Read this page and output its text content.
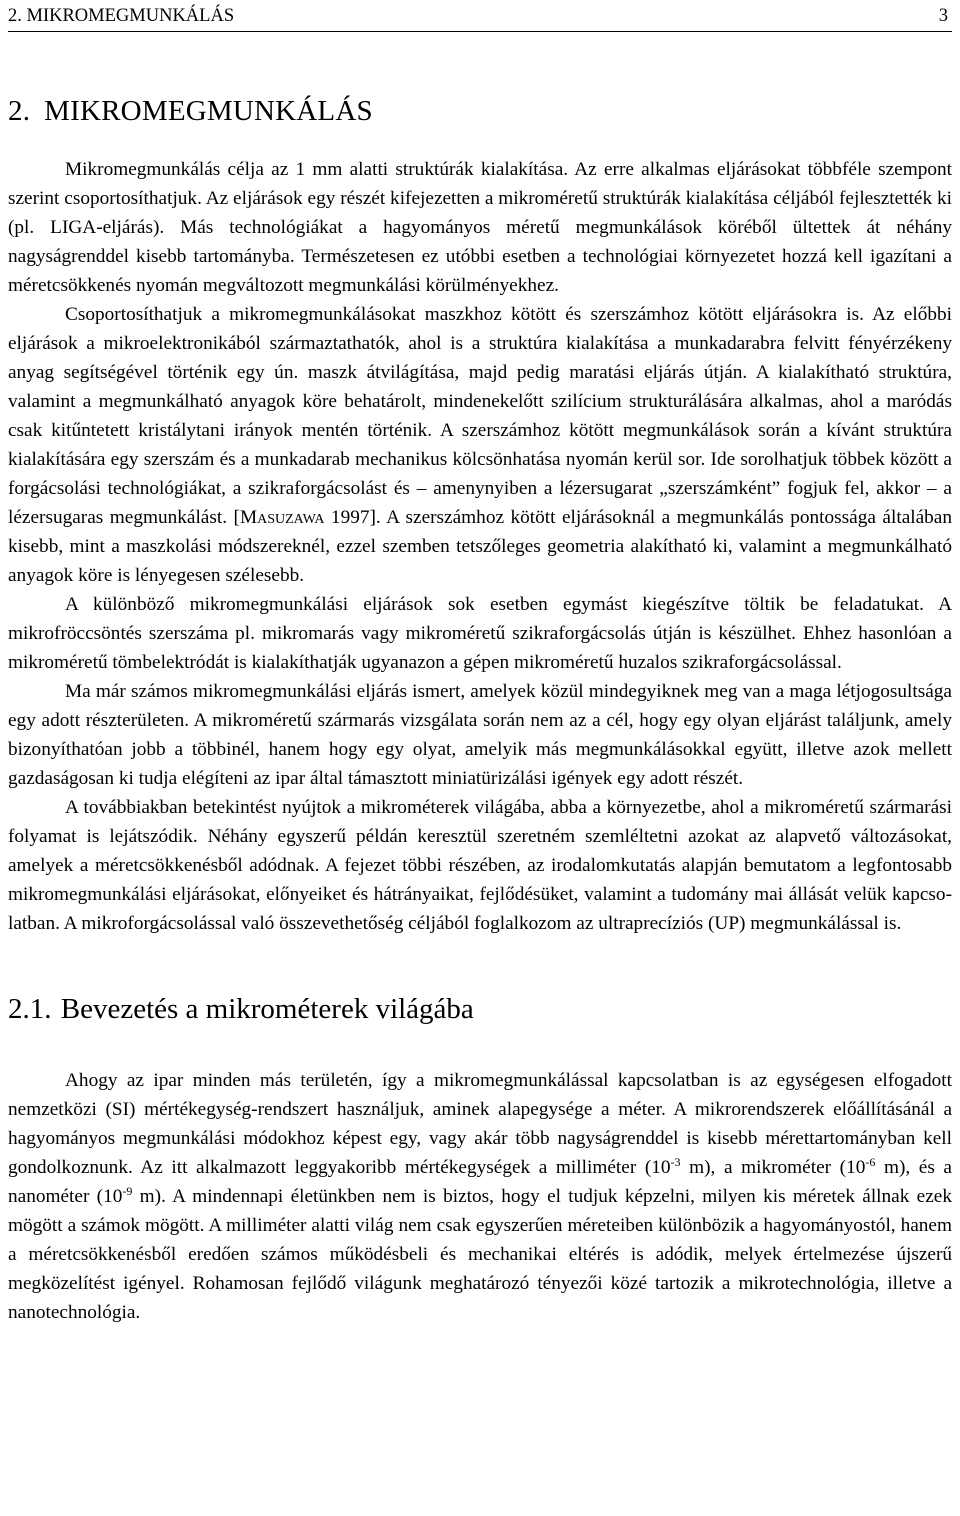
2. MIKROMEGMUNKÁLÁS	3
2. MIKROMEGMUNKÁLÁS

Mikromegmunkálás célja az 1 mm alatti struktúrák kialakítása. Az erre alkalmas eljárásokat többféle szempont szerint csoportosíthatjuk. Az eljárások egy részét kifejezetten a mikroméretű struktúrák kialakítása céljából fejlesztették ki (pl. LIGA-eljárás). Más technológiákat a hagyományos méretű megmunkálások köréből ültettek át néhány nagyságrenddel kisebb tartományba. Természetesen ez utóbbi esetben a technológiai környezetet hozzá kell igazítani a méretcsökkenés nyomán megváltozott megmunkálási körülményekhez.

Csoportosíthatjuk a mikromegmunkálásokat maszkhoz kötött és szerszámhoz kötött eljárásokra is. Az előbbi eljárások a mikroelektronikából származtathatók, ahol is a struktúra kialakítása a munkadarabra felvitt fényérzékeny anyag segítségével történik egy ún. maszk átvilágítása, majd pedig maratási eljárás útján. A kialakítható struktúra, valamint a megmunkálható anyagok köre behatárolt, mindenekelőtt szilícium strukturálására alkalmas, ahol a maródás csak kitűntetett kristálytani irányok mentén történik. A szerszámhoz kötött megmunkálások során a kívánt struktúra kialakítására egy szerszám és a munkadarab mechanikus kölcsönhatása nyomán kerül sor. Ide sorolhatjuk többek között a forgácsolási technológiákat, a szikraforgácsolást és – amenynyiben a lézersugarat „szerszámként” fogjuk fel, akkor – a lézersugaras megmunkálást. [Masuzawa 1997]. A szerszámhoz kötött eljárásoknál a megmunkálás pontossága általában kisebb, mint a maszkolási módszereknél, ezzel szemben tetszőleges geometria alakítható ki, valamint a megmunkálható anyagok köre is lényegesen szélesebb.

A különböző mikromegmunkálási eljárások sok esetben egymást kiegészítve töltik be feladatukat. A mikrofröccsöntés szerszáma pl. mikromarás vagy mikroméretű szikraforgácsolás útján is készülhet. Ehhez hasonlóan a mikroméretű tömbelektródát is kialakíthatják ugyanazon a gépen mikroméretű huzalos szikraforgácsolással.

Ma már számos mikromegmunkálási eljárás ismert, amelyek közül mindegyiknek meg van a maga létjogosultsága egy adott részterületen. A mikroméretű szármarás vizsgálata során nem az a cél, hogy egy olyan eljárást találjunk, amely bizonyíthatóan jobb a többinél, hanem hogy egy olyat, amelyik más megmunkálásokkal együtt, illetve azok mellett gazdaságosan ki tudja elégíteni az ipar által támasztott miniatürizálási igények egy adott részét.

A továbbiakban betekintést nyújtok a mikrométerek világába, abba a környezetbe, ahol a mikroméretű szármarási folyamat is lejátszódik. Néhány egyszerű példán keresztül szeretném szemléltetni azokat az alapvető változásokat, amelyek a méretcsökkenésből adódnak. A fejezet többi részében, az irodalomkutatás alapján bemutatom a legfontosabb mikromegmunkálási eljárásokat, előnyeiket és hátrányaikat, fejlődésüket, valamint a tudomány mai állását velük kapcsolatban. A mikroforgácsolással való összevethetőség céljából foglalkozom az ultraprecíziós (UP) megmunkálással is.

2.1. Bevezetés a mikrométerek világába

Ahogy az ipar minden más területén, így a mikromegmunkálással kapcsolatban is az egységesen elfogadott nemzetközi (SI) mértékegység-rendszert használjuk, aminek alapegysége a méter. A mikrorendszerek előállításánál a hagyományos megmunkálási módokhoz képest egy, vagy akár több nagyságrenddel is kisebb mérettartományban kell gondolkoznunk. Az itt alkalmazott leggyakoribb mértékegységek a milliméter ($10^{-3}$ m), a mikrométer ($10^{-6}$ m), és a nanométer ($10^{-9}$ m). A mindennapi életünkben nem is biztos, hogy el tudjuk képzelni, milyen kis méretek állnak ezek mögött a számok mögött. A milliméter alatti világ nem csak egyszerűen méreteiben különbözik a hagyományostól, hanem a méretcsökkenésből eredően számos működésbeli és mechanikai eltérés is adódik, melyek értelmezése újszerű megközelítést igényel. Rohamosan fejlődő világunk meghatározó tényezői közé tartozik a mikrotechnológia, illetve a nanotechnológia.
